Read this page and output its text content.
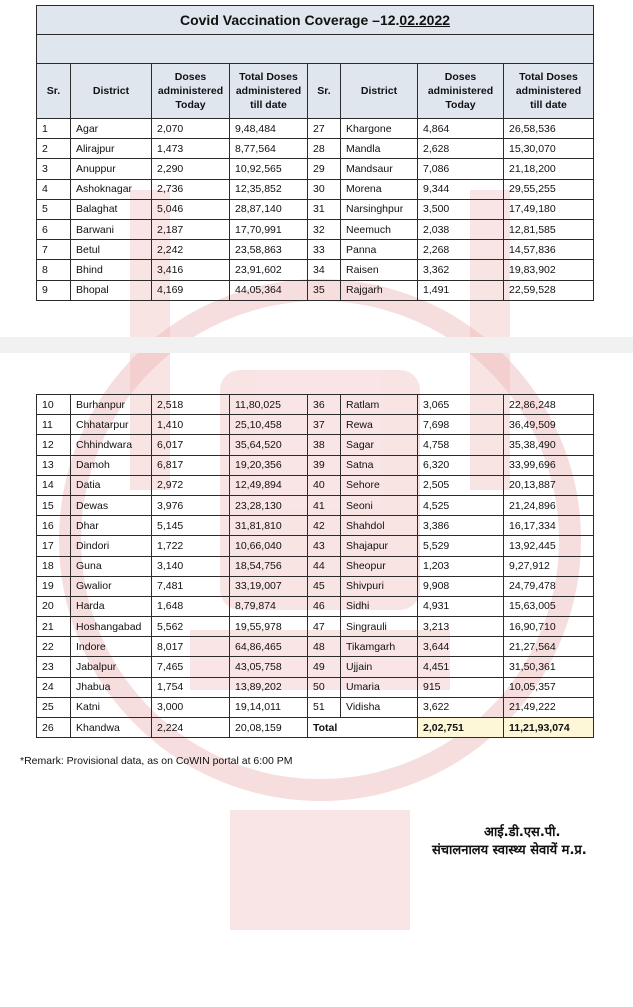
Covid Vaccination Coverage –12.02.2022							

Sr.	District	Doses
administered
Today	Total Doses
administered
till date	Sr.	District	Doses
administered
Today	Total Doses
administered
till date
1	Agar	2,070	9,48,484	27	Khargone	4,864	26,58,536
2	Alirajpur	1,473	8,77,564	28	Mandla	2,628	15,30,070
3	Anuppur	2,290	10,92,565	29	Mandsaur	7,086	21,18,200
4	Ashoknagar	2,736	12,35,852	30	Morena	9,344	29,55,255
5	Balaghat	5,046	28,87,140	31	Narsinghpur	3,500	17,49,180
6	Barwani	2,187	17,70,991	32	Neemuch	2,038	12,81,585
7	Betul	2,242	23,58,863	33	Panna	2,268	14,57,836
8	Bhind	3,416	23,91,602	34	Raisen	3,362	19,83,902
9	Bhopal	4,169	44,05,364	35	Rajgarh	1,491	22,59,528
10	Burhanpur	2,518	11,80,025	36	Ratlam	3,065	22,86,248
11	Chhatarpur	1,410	25,10,458	37	Rewa	7,698	36,49,509
12	Chhindwara	6,017	35,64,520	38	Sagar	4,758	35,38,490
13	Damoh	6,817	19,20,356	39	Satna	6,320	33,99,696
14	Datia	2,972	12,49,894	40	Sehore	2,505	20,13,887
15	Dewas	3,976	23,28,130	41	Seoni	4,525	21,24,896
16	Dhar	5,145	31,81,810	42	Shahdol	3,386	16,17,334
17	Dindori	1,722	10,66,040	43	Shajapur	5,529	13,92,445
18	Guna	3,140	18,54,756	44	Sheopur	1,203	9,27,912
19	Gwalior	7,481	33,19,007	45	Shivpuri	9,908	24,79,478
20	Harda	1,648	8,79,874	46	Sidhi	4,931	15,63,005
21	Hoshangabad	5,562	19,55,978	47	Singrauli	3,213	16,90,710
22	Indore	8,017	64,86,465	48	Tikamgarh	3,644	21,27,564
23	Jabalpur	7,465	43,05,758	49	Ujjain	4,451	31,50,361
24	Jhabua	1,754	13,89,202	50	Umaria	915	10,05,357
25	Katni	3,000	19,14,011	51	Vidisha	3,622	21,49,222
26	Khandwa	2,224	20,08,159	Total		2,02,751	11,21,93,074
*Remark: Provisional data, as on CoWIN portal at 6:00 PM
आई.डी.एस.पी.
संचालनालय स्वास्थ्य सेवायें म.प्र.
